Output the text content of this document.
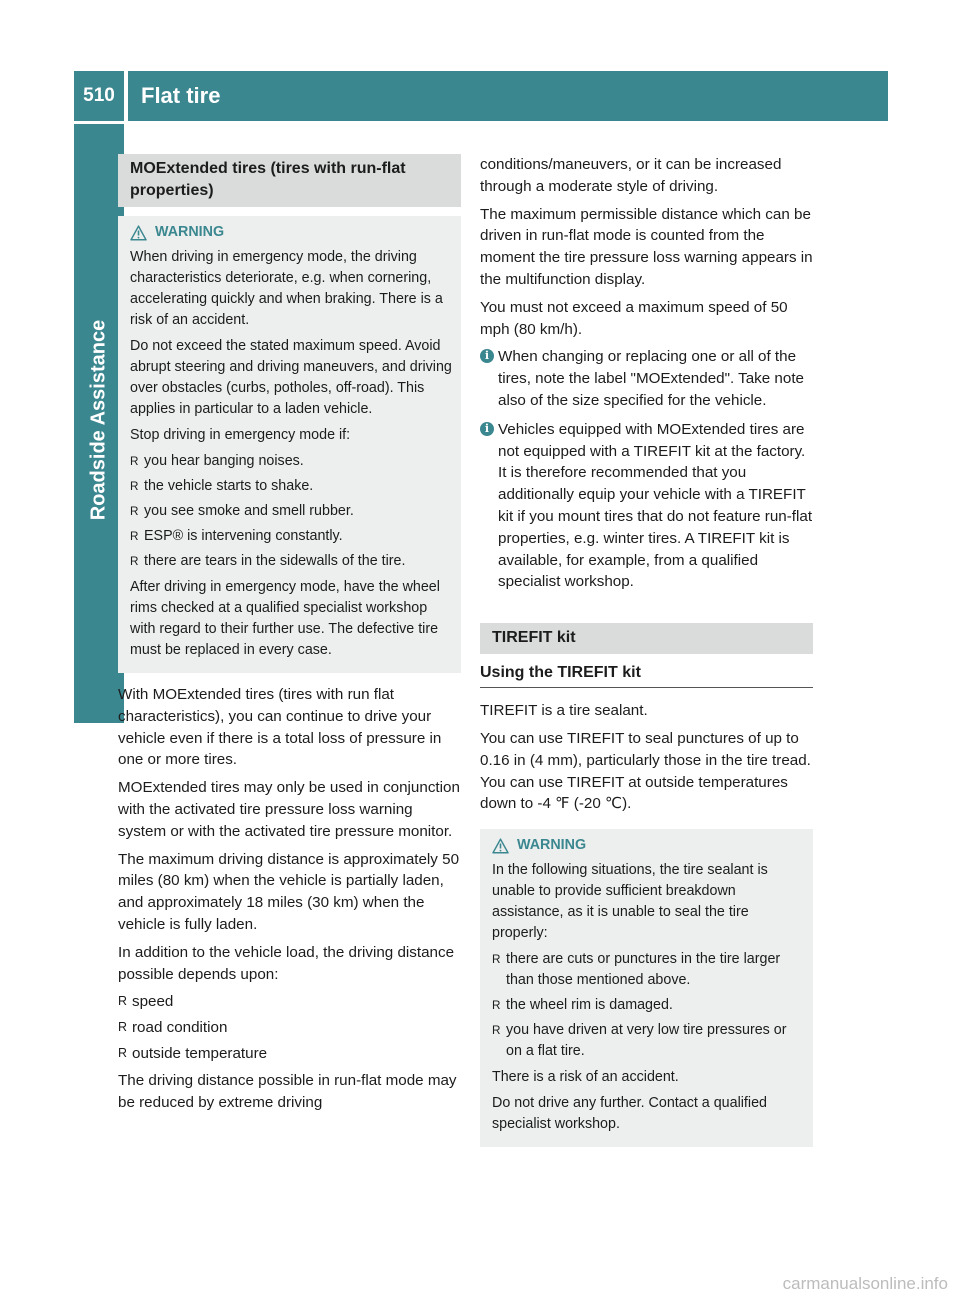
510	Flat tire
Roadside Assistance
MOExtended tires (tires with run-flat properties)
WARNING

When driving in emergency mode, the driving characteristics deteriorate, e.g. when cornering, accelerating quickly and when braking. There is a risk of an accident.

Do not exceed the stated maximum speed. Avoid abrupt steering and driving maneuvers, and driving over obstacles (curbs, potholes, off-road). This applies in particular to a laden vehicle.

Stop driving in emergency mode if:

R you hear banging noises.
R the vehicle starts to shake.
R you see smoke and smell rubber.
R ESP® is intervening constantly.
R there are tears in the sidewalls of the tire.

After driving in emergency mode, have the wheel rims checked at a qualified specialist workshop with regard to their further use. The defective tire must be replaced in every case.

With MOExtended tires (tires with run flat characteristics), you can continue to drive your vehicle even if there is a total loss of pressure in one or more tires.

MOExtended tires may only be used in conjunction with the activated tire pressure loss warning system or with the activated tire pressure monitor.

The maximum driving distance is approximately 50 miles (80 km) when the vehicle is partially laden, and approximately 18 miles (30 km) when the vehicle is fully laden.

In addition to the vehicle load, the driving distance possible depends upon:

R speed
R road condition
R outside temperature

The driving distance possible in run-flat mode may be reduced by extreme driving

conditions/maneuvers, or it can be increased through a moderate style of driving.

The maximum permissible distance which can be driven in run-flat mode is counted from the moment the tire pressure loss warning appears in the multifunction display.

You must not exceed a maximum speed of 50 mph (80 km/h).

i When changing or replacing one or all of the tires, note the label "MOExtended". Take note also of the size specified for the vehicle.
i Vehicles equipped with MOExtended tires are not equipped with a TIREFIT kit at the factory. It is therefore recommended that you additionally equip your vehicle with a TIREFIT kit if you mount tires that do not feature run-flat properties, e.g. winter tires. A TIREFIT kit is available, for example, from a qualified specialist workshop.
TIREFIT kit
Using the TIREFIT kit

TIREFIT is a tire sealant.

You can use TIREFIT to seal punctures of up to 0.16 in (4 mm), particularly those in the tire tread. You can use TIREFIT at outside temperatures down to -4 ℉ (-20 ℃).

WARNING

In the following situations, the tire sealant is unable to provide sufficient breakdown assistance, as it is unable to seal the tire properly:

R there are cuts or punctures in the tire larger than those mentioned above.
R the wheel rim is damaged.
R you have driven at very low tire pressures or on a flat tire.

There is a risk of an accident.

Do not drive any further. Contact a qualified specialist workshop.

carmanualsonline.info
